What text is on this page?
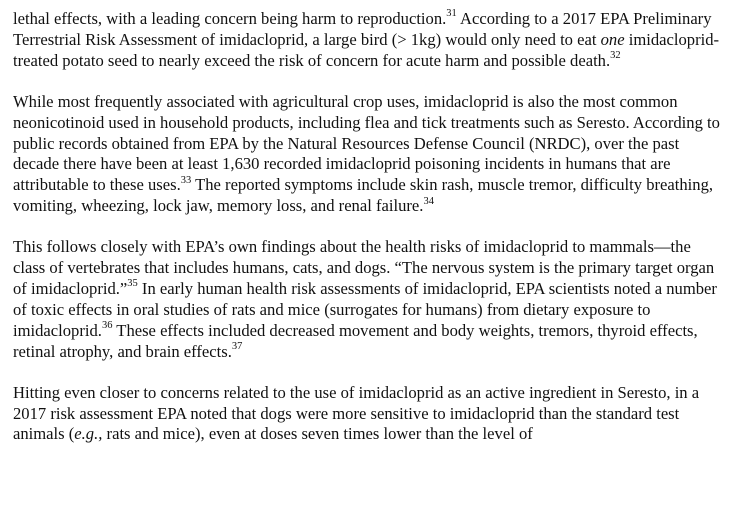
lethal effects, with a leading concern being harm to reproduction.$^{31}$ According to a 2017 EPA Preliminary Terrestrial Risk Assessment of imidacloprid, a large bird (> 1kg) would only need to eat one imidacloprid-treated potato seed to nearly exceed the risk of concern for acute harm and possible death.$^{32}$

While most frequently associated with agricultural crop uses, imidacloprid is also the most common neonicotinoid used in household products, including flea and tick treatments such as Seresto. According to public records obtained from EPA by the Natural Resources Defense Council (NRDC), over the past decade there have been at least 1,630 recorded imidacloprid poisoning incidents in humans that are attributable to these uses.$^{33}$ The reported symptoms include skin rash, muscle tremor, difficulty breathing, vomiting, wheezing, lock jaw, memory loss, and renal failure.$^{34}$

This follows closely with EPA’s own findings about the health risks of imidacloprid to mammals—the class of vertebrates that includes humans, cats, and dogs. “The nervous system is the primary target organ of imidacloprid.”$^{35}$ In early human health risk assessments of imidacloprid, EPA scientists noted a number of toxic effects in oral studies of rats and mice (surrogates for humans) from dietary exposure to imidacloprid.$^{36}$ These effects included decreased movement and body weights, tremors, thyroid effects, retinal atrophy, and brain effects.$^{37}$

Hitting even closer to concerns related to the use of imidacloprid as an active ingredient in Seresto, in a 2017 risk assessment EPA noted that dogs were more sensitive to imidacloprid than the standard test animals (e.g., rats and mice), even at doses seven times lower than the level of
